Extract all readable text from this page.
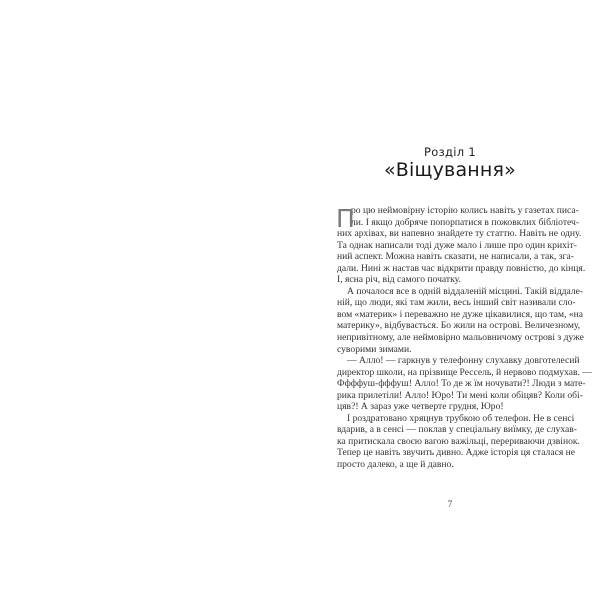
Розділ 1
«Віщування»
П
ро цю неймовірну історію колись навіть у газетах писа-
ли. І якщо добряче попорпатися в пожовклих бібліотеч-
них архівах, ви напевно знайдете ту статтю. Навіть не одну.
Та однак написали тоді дуже мало і лише про один крихіт-
ний аспект. Можна навіть сказати, не написали, а так, зга-
дали. Нині ж настав час відкрити правду повністю, до кінця.
І, ясна річ, від самого початку.
А почалося все в одній віддаленій місцині. Такій віддале-
ній, що люди, які там жили, весь інший світ називали сло-
вом «материк» і переважно не дуже цікавилися, що там, «на
материку», відбувається. Бо жили на острові. Величезному,
непривітному, але неймовірно мальовничому острові з дуже
суворими зимами.
— Алло! — гаркнув у телефонну слухавку довготелесий
директор школи, на прізвище Рессель, й нервово подмухав. —
Ффффуш-фффуш! Алло! То де ж їм ночувати?! Люди з мате-
рика прилетіли! Алло! Юро! Ти мені коли обіцяв? Коли обі-
цяв?! А зараз уже четверте грудня, Юро!
І роздратовано хряцнув трубкою об телефон. Не в сенсі
вдарив, а в сенсі — поклав у спеціальну виїмку, де слухав-
ка притискала своєю вагою важільці, перериваючи дзвінок.
Тепер це навіть звучить дивно. Адже історія ця сталася не
просто далеко, а ще й давно.
7
